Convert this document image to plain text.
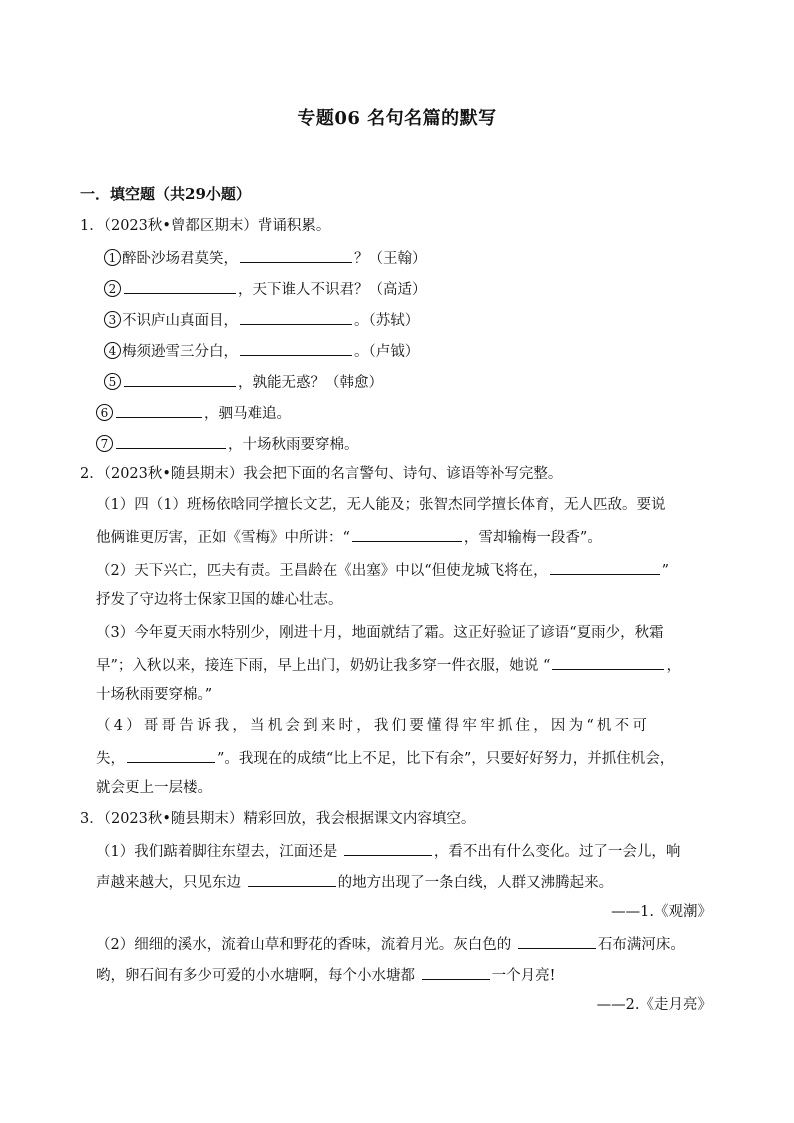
专题06 名句名篇的默写
一．填空题（共29小题）
1．（2023秋•曾都区期末）背诵积累。
1 醉卧沙场君莫笑，	？（王翰）
2	，天下谁人不识君？（高适）
3 不识庐山真面目，	。（苏轼）
4 梅须逊雪三分白，	。（卢钺）
5	，孰能无惑？（韩愈）
6	，驷马难追。
7	，十场秋雨要穿棉。
2．（2023秋•随县期末）我会把下面的名言警句、诗句、谚语等补写完整。
（1）四（1）班杨依晗同学擅长文艺，无人能及；张智杰同学擅长体育，无人匹敌。要说
他俩谁更厉害，正如《雪梅》中所讲：“	，雪却输梅一段香”。
（2）天下兴亡，匹夫有责。王昌龄在《出塞》中以“但使龙城飞将在，	”
抒发了守边将士保家卫国的雄心壮志。
（3）今年夏天雨水特别少，刚进十月，地面就结了霜。这正好验证了谚语“夏雨少，秋霜
早”；入秋以来，接连下雨，早上出门，奶奶让我多穿一件衣服，她说 “	，
十场秋雨要穿棉。”
（4）哥哥告诉我，当机会到来时，我们要懂得牢牢抓住，因为“机不可
失，	”。我现在的成绩“比上不足，比下有余”，只要好好努力，并抓住机会，
就会更上一层楼。
3．（2023秋•随县期末）精彩回放，我会根据课文内容填空。
（1）我们踮着脚往东望去，江面还是	，看不出有什么变化。过了一会儿，响
声越来越大，只见东边	的地方出现了一条白线，人群又沸腾起来。
——1.《观潮》
（2）细细的溪水，流着山草和野花的香味，流着月光。灰白色的	石布满河床。
哟，卵石间有多少可爱的小水塘啊，每个小水塘都	一个月亮!
——2.《走月亮》
